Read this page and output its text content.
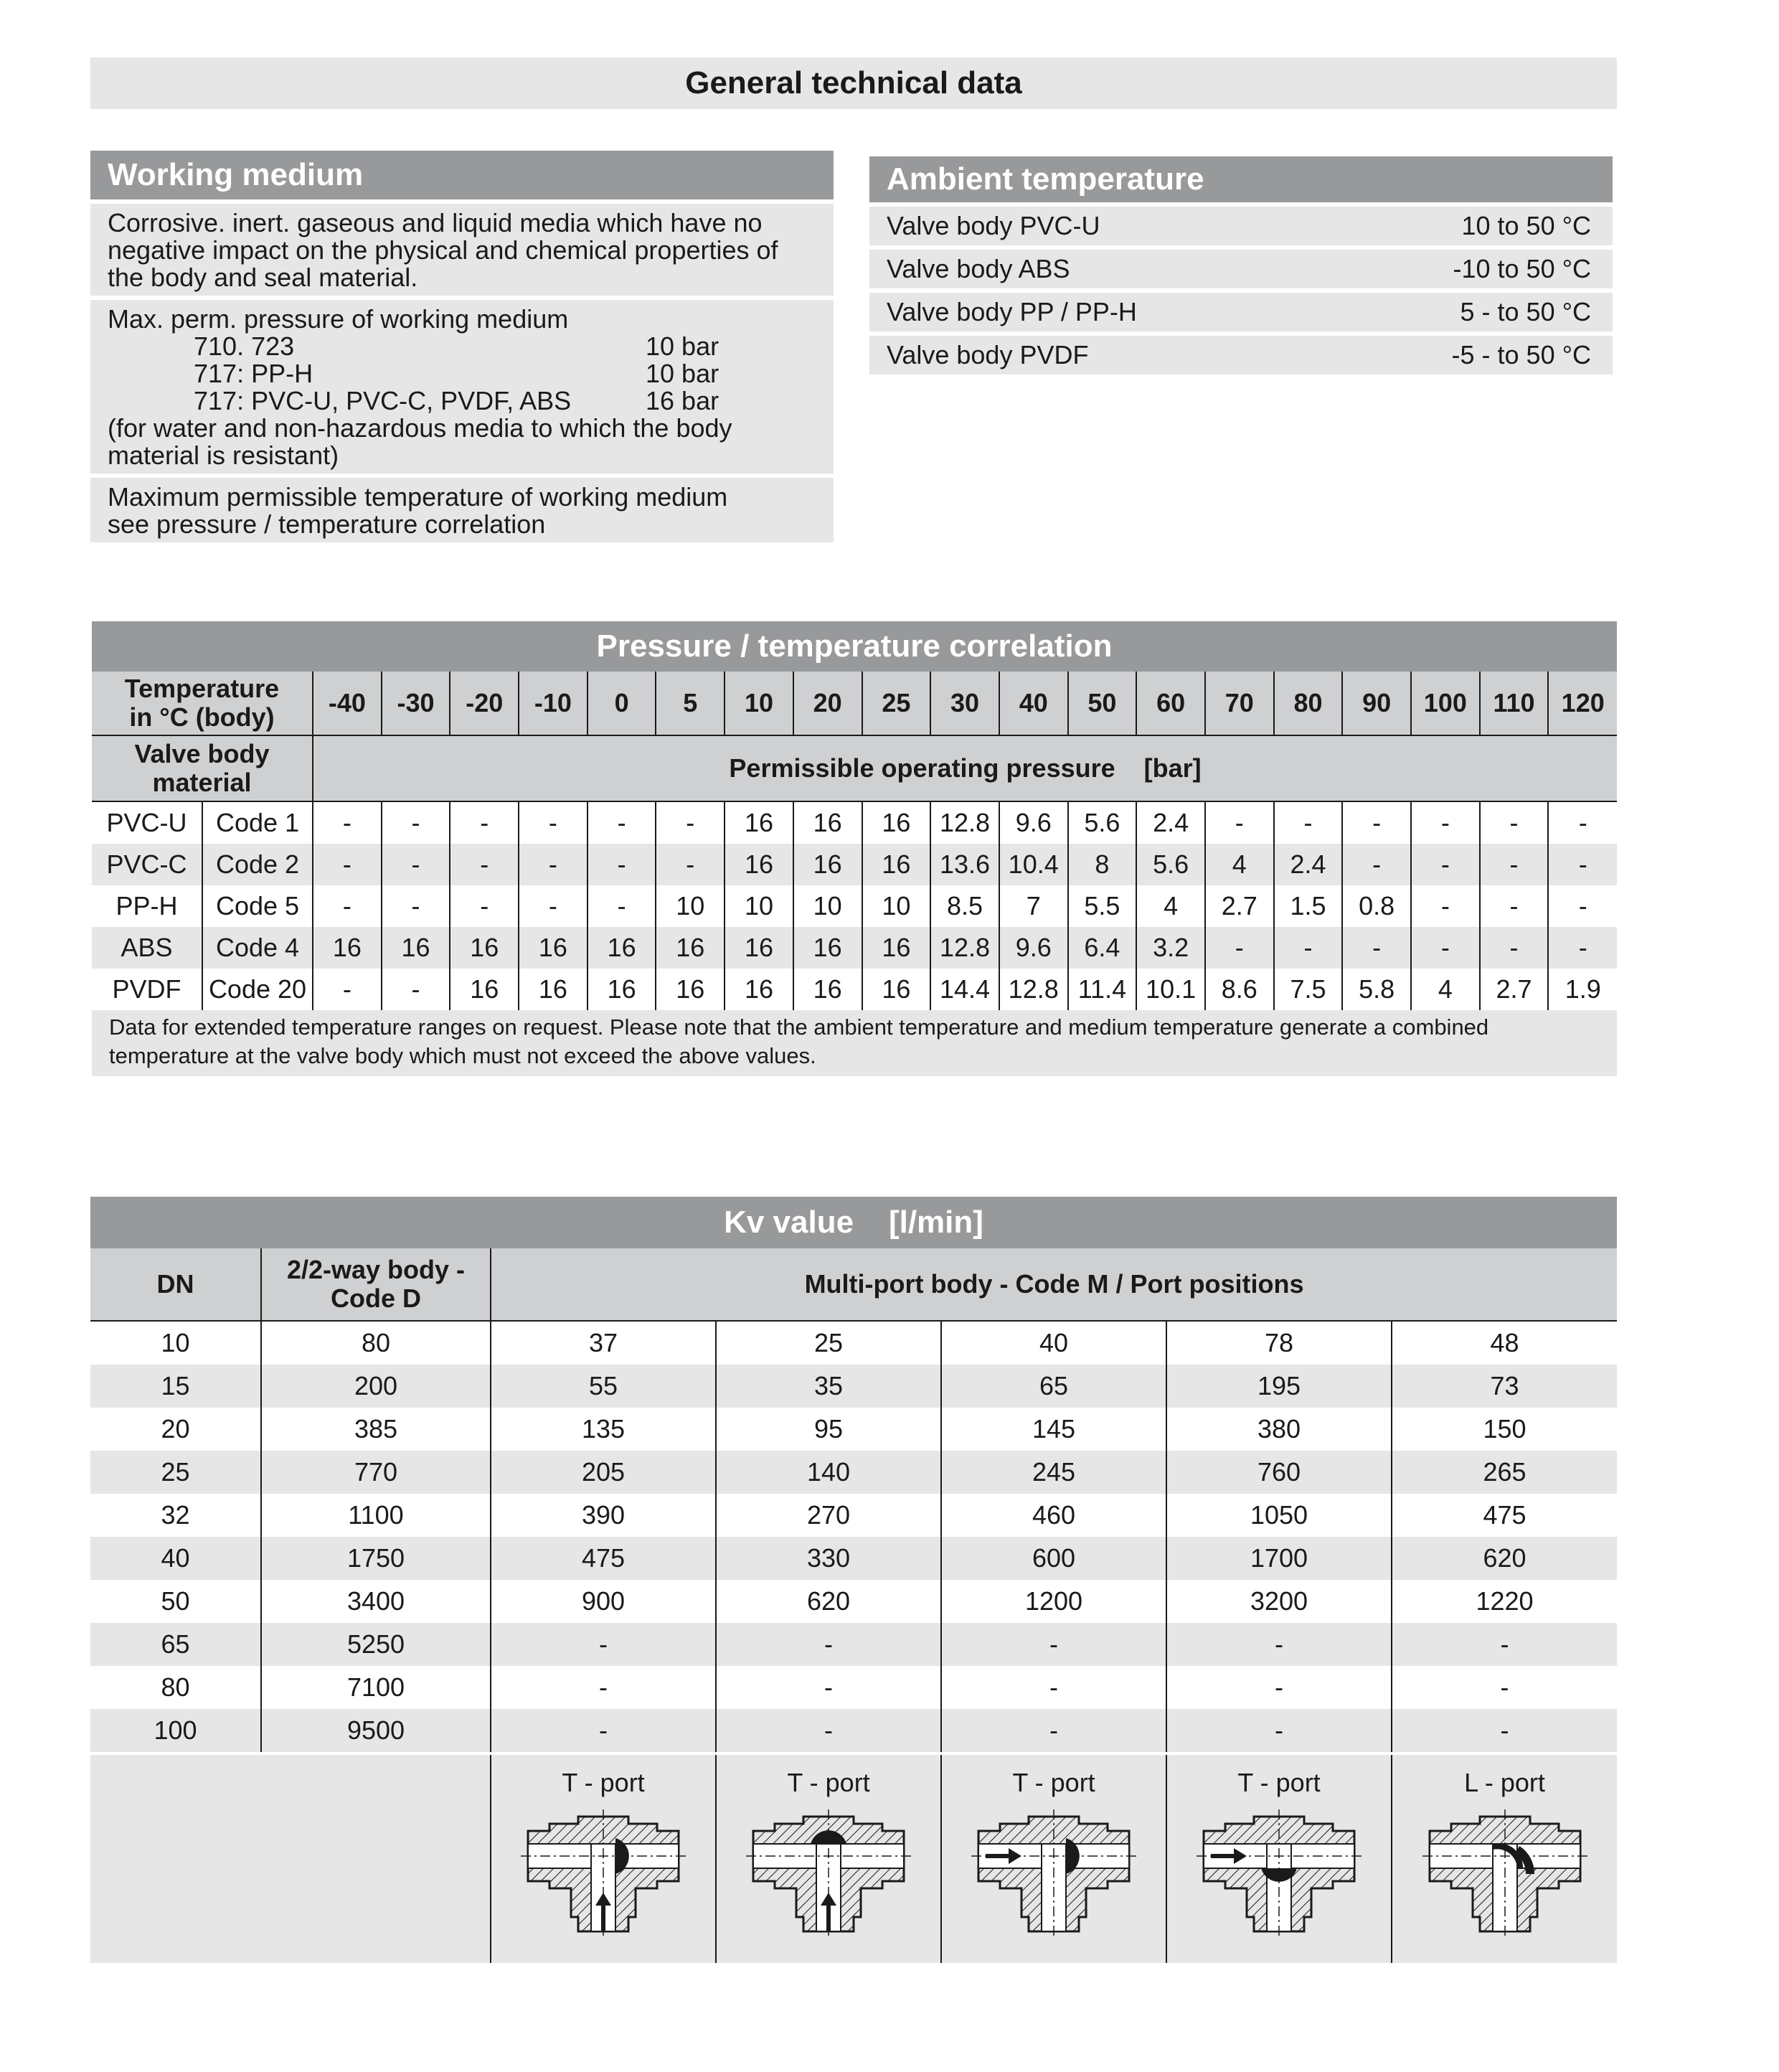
General technical data
Working medium
Corrosive. inert. gaseous and liquid media which have no
negative impact on the physical and chemical properties of
the body and seal material.
Max. perm. pressure of working medium
710. 723	10 bar
717: PP-H	10 bar
717: PVC-U, PVC-C, PVDF, ABS	16 bar
(for water and non-hazardous media to which the body
material is resistant)
Maximum permissible temperature of working medium
see pressure / temperature correlation
Ambient temperature
Valve body PVC-U	10 to 50 °C
Valve body ABS	-10 to 50 °C
Valve body PP / PP-H	5 - to 50 °C
Valve body PVDF	-5 - to 50 °C
Pressure / temperature correlation
Temperature
in °C (body)		-40	-30	-20	-10	0	5	10	20	25	30	40	50	60	70	80	90	100	110	120

Valve body
material		Permissible operating pressure    [bar]																		
PVC-U	Code 1	-	-	-	-	-	-	16	16	16	12.8	9.6	5.6	2.4	-	-	-	-	-	-
PVC-C	Code 2	-	-	-	-	-	-	16	16	16	13.6	10.4	8	5.6	4	2.4	-	-	-	-
PP-H	Code 5	-	-	-	-	-	10	10	10	10	8.5	7	5.5	4	2.7	1.5	0.8	-	-	-
ABS	Code 4	16	16	16	16	16	16	16	16	16	12.8	9.6	6.4	3.2	-	-	-	-	-	-
PVDF	Code 20	-	-	16	16	16	16	16	16	16	14.4	12.8	11.4	10.1	8.6	7.5	5.8	4	2.7	1.9
Data for extended temperature ranges on request. Please note that the ambient temperature and medium temperature generate a combined
temperature at the valve body which must not exceed the above values.
Kv value    [l/min]
DN	2/2-way body -
Code D	Multi-port body - Code M / Port positions				
10	80	37	25	40	78	48
15	200	55	35	65	195	73
20	385	135	95	145	380	150
25	770	205	140	245	760	265
32	1100	390	270	460	1050	475
40	1750	475	330	600	1700	620
50	3400	900	620	1200	3200	1220
65	5250	-	-	-	-	-
80	7100	-	-	-	-	-
100	9500	-	-	-	-	-

		T - port	T - port	T - port	T - port	L - port
